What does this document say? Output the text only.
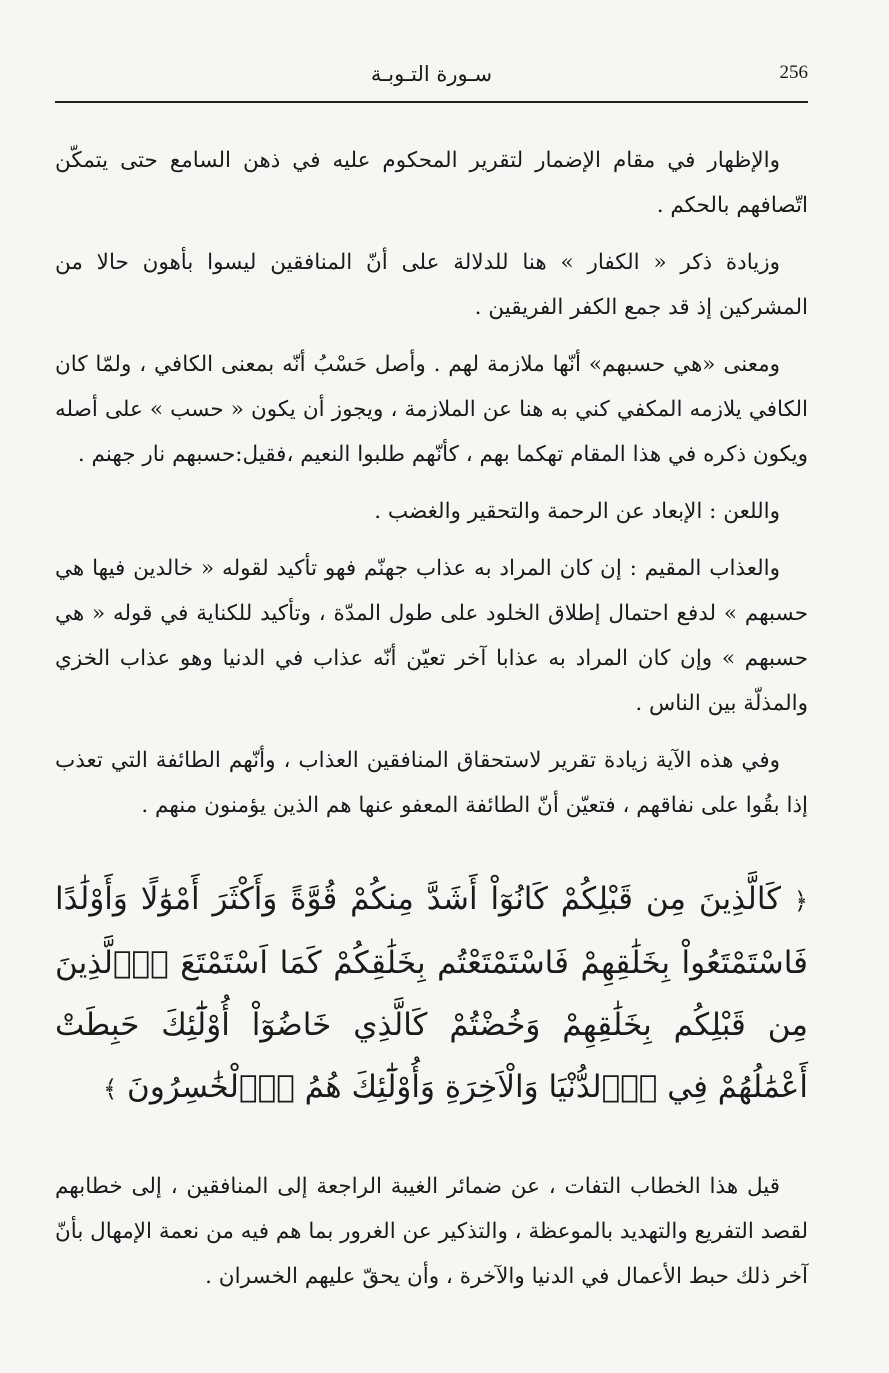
سـورة التـوبـة	256

والإظهار في مقام الإضمار لتقرير المحكوم عليه في ذهن السامع حتى يتمكّن اتّصافهم بالحكم .

وزيادة ذكر « الكفار » هنا للدلالة على أنّ المنافقين ليسوا بأهون حالا من المشركين إذ قد جمع الكفر الفريقين .

ومعنى «هي حسبهم» أنّها ملازمة لهم . وأصل حَسْبُ أنّه بمعنى الكافي ، ولمّا كان الكافي يلازمه المكفي كني به هنا عن الملازمة ، ويجوز أن يكون « حسب » على أصله ويكون ذكره في هذا المقام تهكما بهم ، كأنّهم طلبوا النعيم ،فقيل:حسبهم نار جهنم .

واللعن : الإبعاد عن الرحمة والتحقير والغضب .

والعذاب المقيم : إن كان المراد به عذاب جهنّم فهو تأكيد لقوله « خالدين فيها هي حسبهم » لدفع احتمال إطلاق الخلود على طول المدّة ، وتأكيد للكناية في قوله « هي حسبهم » وإن كان المراد به عذابا آخر تعيّن أنّه عذاب في الدنيا وهو عذاب الخزي والمذلّة بين الناس .

وفي هذه الآية زيادة تقرير لاستحقاق المنافقين العذاب ، وأنّهم الطائفة التي تعذب إذا بقُوا على نفاقهم ، فتعيّن أنّ الطائفة المعفو عنها هم الذين يؤمنون منهم .

﴿ كَالَّذِينَ مِن قَبْلِكُمْ كَانُوٓاْ أَشَدَّ مِنكُمْ قُوَّةً وَأَكْثَرَ أَمْوَٰلًا وَأَوْلَٰدًا فَاسْتَمْتَعُواْ بِخَلَٰقِهِمْ فَاسْتَمْتَعْتُم بِخَلَٰقِكُمْ كَمَا اَسْتَمْتَعَ اَ۬لَّذِينَ مِن قَبْلِكُم بِخَلَٰقِهِمْ وَخُضْتُمْ كَالَّذِي خَاضُوٓاْ أُوْلَٰٓئِكَ حَبِطَتْ أَعْمَٰلُهُمْ فِي اِ۬لدُّنْيَا وَالْاَخِرَةِ وَأُوْلَٰٓئِكَ هُمُ اُ۬لْخَٰسِرُونَ ﴾

قيل هذا الخطاب التفات ، عن ضمائر الغيبة الراجعة إلى المنافقين ، إلى خطابهم لقصد التفريع والتهديد بالموعظة ، والتذكير عن الغرور بما هم فيه من نعمة الإمهال بأنّ آخر ذلك حبط الأعمال في الدنيا والآخرة ، وأن يحقّ عليهم الخسران .
